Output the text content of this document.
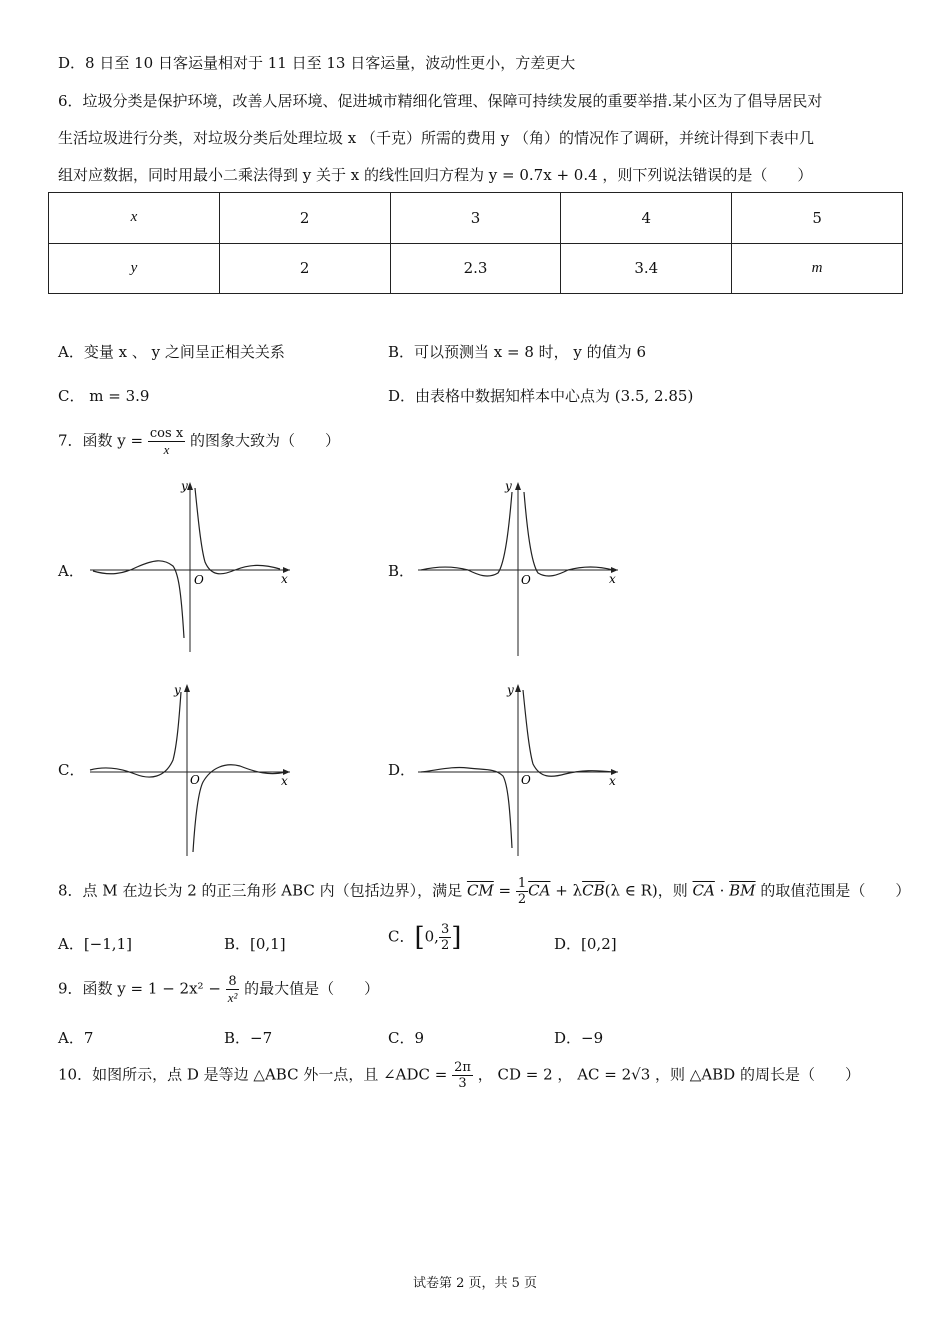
D．8 日至 10 日客运量相对于 11 日至 13 日客运量，波动性更小，方差更大
6．垃圾分类是保护环境，改善人居环境、促进城市精细化管理、保障可持续发展的重要举措.某小区为了倡导居民对
生活垃圾进行分类，对垃圾分类后处理垃圾 x （千克）所需的费用 y （角）的情况作了调研，并统计得到下表中几
组对应数据，同时用最小二乘法得到 y 关于 x 的线性回归方程为 y = 0.7x + 0.4 ，则下列说法错误的是（　　）
x	2	3	4	5
y	2	2.3	3.4	m
A．变量 x 、 y 之间呈正相关关系	B．可以预测当 x = 8 时， y 的值为 6
C． m = 3.9	D．由表格中数据知样本中心点为 (3.5, 2.85)
7．函数 $y = \frac{\text{cos x}}{x}$ 的图象大致为（　　）
A．	B．
C．	D．
y
x
O
y
x
O
y
x
O
y
x
O
8．点 M 在边长为 2 的正三角形 ABC 内（包括边界），满足 $\overline{CM} = \frac{1}{2} \overline{CA} + \lambda\overline{CB}(\lambda$ ∈ R)，则 $\overline{CA} \cdot \overline{BM}$ 的取值范围是（　　）
A．[−1,1]	B．[0,1]	C．[0, $\frac{3}{2}$ ]	D．[0,2]
9．函数 $y = 1 - 2x^2 - \frac{8}{\text{x²}}$ 的最大值是（　　）
A．7	B．−7	C．9	D．−9
10．如图所示，点 D 是等边 △ABC 外一点，且 ∠ADC = $\frac{2\pi}{3}$ ， CD = 2 ， AC = 2√3 ，则 △ABD 的周长是（　　）
试卷第 2 页，共 5 页
